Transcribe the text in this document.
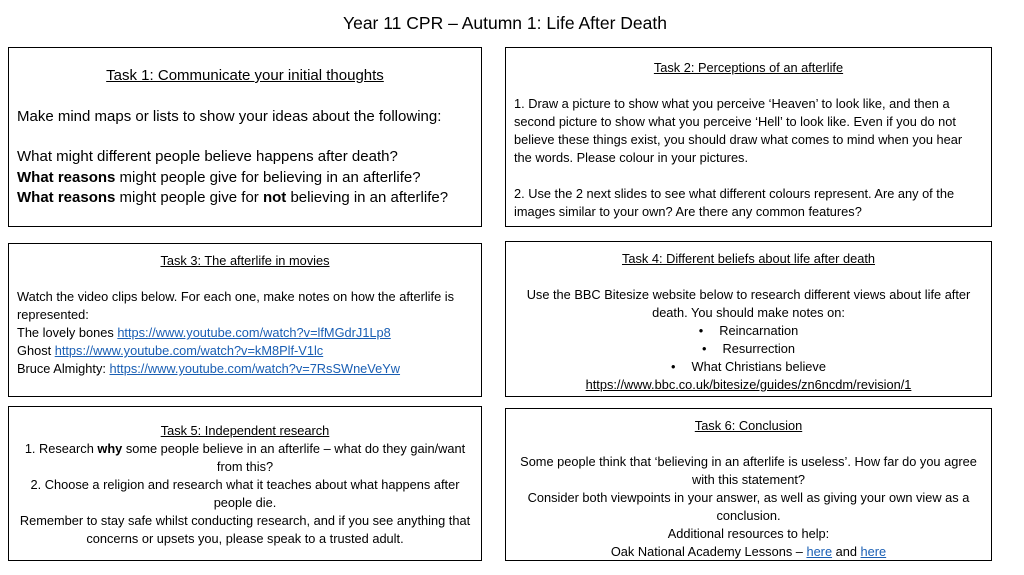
Year 11 CPR – Autumn 1: Life After Death

Task 1: Communicate your initial thoughts

Make mind maps or lists to show your ideas about the following:

What might different people believe happens after death?

What reasons might people give for believing in an afterlife?

What reasons might people give for not believing in an afterlife?

Task 2: Perceptions of an afterlife

1. Draw a picture to show what you perceive ‘Heaven’ to look like, and then a second picture to show what you perceive ‘Hell’ to look like. Even if you do not believe these things exist, you should draw what comes to mind when you hear the words. Please colour in your pictures.

2. Use the 2 next slides to see what different colours represent. Are any of the images similar to your own? Are there any common features?

Task 3: The afterlife in movies

Watch the video clips below. For each one, make notes on how the afterlife is represented:

The lovely bones https://www.youtube.com/watch?v=lfMGdrJ1Lp8

Ghost https://www.youtube.com/watch?v=kM8Plf-V1lc

Bruce Almighty: https://www.youtube.com/watch?v=7RsSWneVeYw

Task 4: Different beliefs about life after death

Use the BBC Bitesize website below to research different views about life after death. You should make notes on:

• Reincarnation
• Resurrection
• What Christians believe

https://www.bbc.co.uk/bitesize/guides/zn6ncdm/revision/1

Task 5: Independent research

1. Research why some people believe in an afterlife – what do they gain/want from this?

2. Choose a religion and research what it teaches about what happens after people die.

Remember to stay safe whilst conducting research, and if you see anything that concerns or upsets you, please speak to a trusted adult.

Task 6: Conclusion

Some people think that ‘believing in an afterlife is useless’. How far do you agree with this statement?

Consider both viewpoints in your answer, as well as giving your own view as a conclusion.

Additional resources to help:

Oak National Academy Lessons – here and here
